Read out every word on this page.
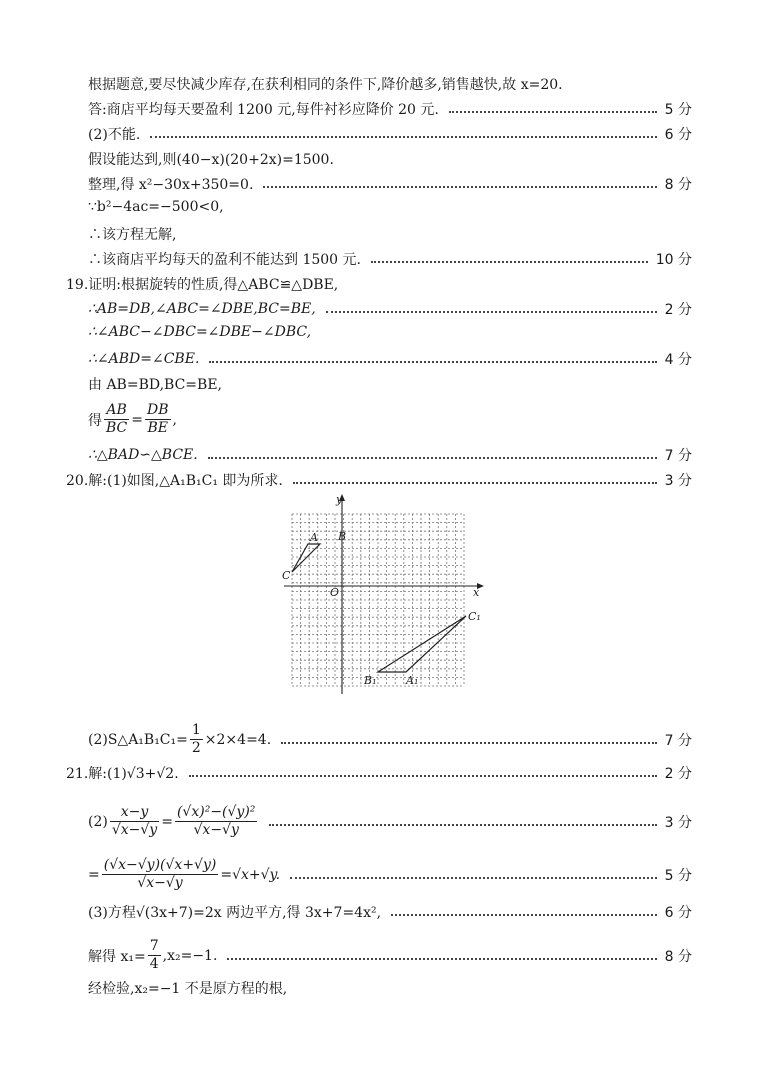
根据题意,要尽快减少库存,在获利相同的条件下,降价越多,销售越快,故 x=20.
答:商店平均每天要盈利 1200 元,每件衬衫应降价 20 元.	5 分
(2)不能.	6 分
假设能达到,则(40−x)(20+2x)=1500.
整理,得 x²−30x+350=0.	8 分
∵b²−4ac=−500<0,
∴该方程无解,
∴该商店平均每天的盈利不能达到 1500 元.	10 分
19.证明:根据旋转的性质,得△ABC≌△DBE,
∴AB=DB,∠ABC=∠DBE,BC=BE,	2 分
∴∠ABC−∠DBC=∠DBE−∠DBC,
∴∠ABD=∠CBE.	4 分
由 AB=BD,BC=BE,
得 $\frac{AB}{BC} = \frac{DB}{BE}$ ,
∴△BAD∽△BCE.	7 分
20.解:(1)如图,△A₁B₁C₁ 即为所求.	3 分
A B
C
O	x
y
C₁
B₁	A₁
(2)S△A₁B₁C₁= $\frac{1}{2} \times 2\times 4 =4$.	7 分
21.解:(1)√3+√2.	2 分
$(2) \frac{x-y}{√x-√y} = \frac{\text{(√x)²−(√y)²}}{√x-√y}$	3 分
= $\frac{(√x-√y)(√x+√y)}{√x-√y} =√x+√y$.	5 分
(3)方程√(3x+7)=2x 两边平方,得 3x+7=4x²,	6 分
解得 $x_1= \frac{7}{4} ,x_2=-1$.	8 分
经检验,x₂=−1 不是原方程的根,
